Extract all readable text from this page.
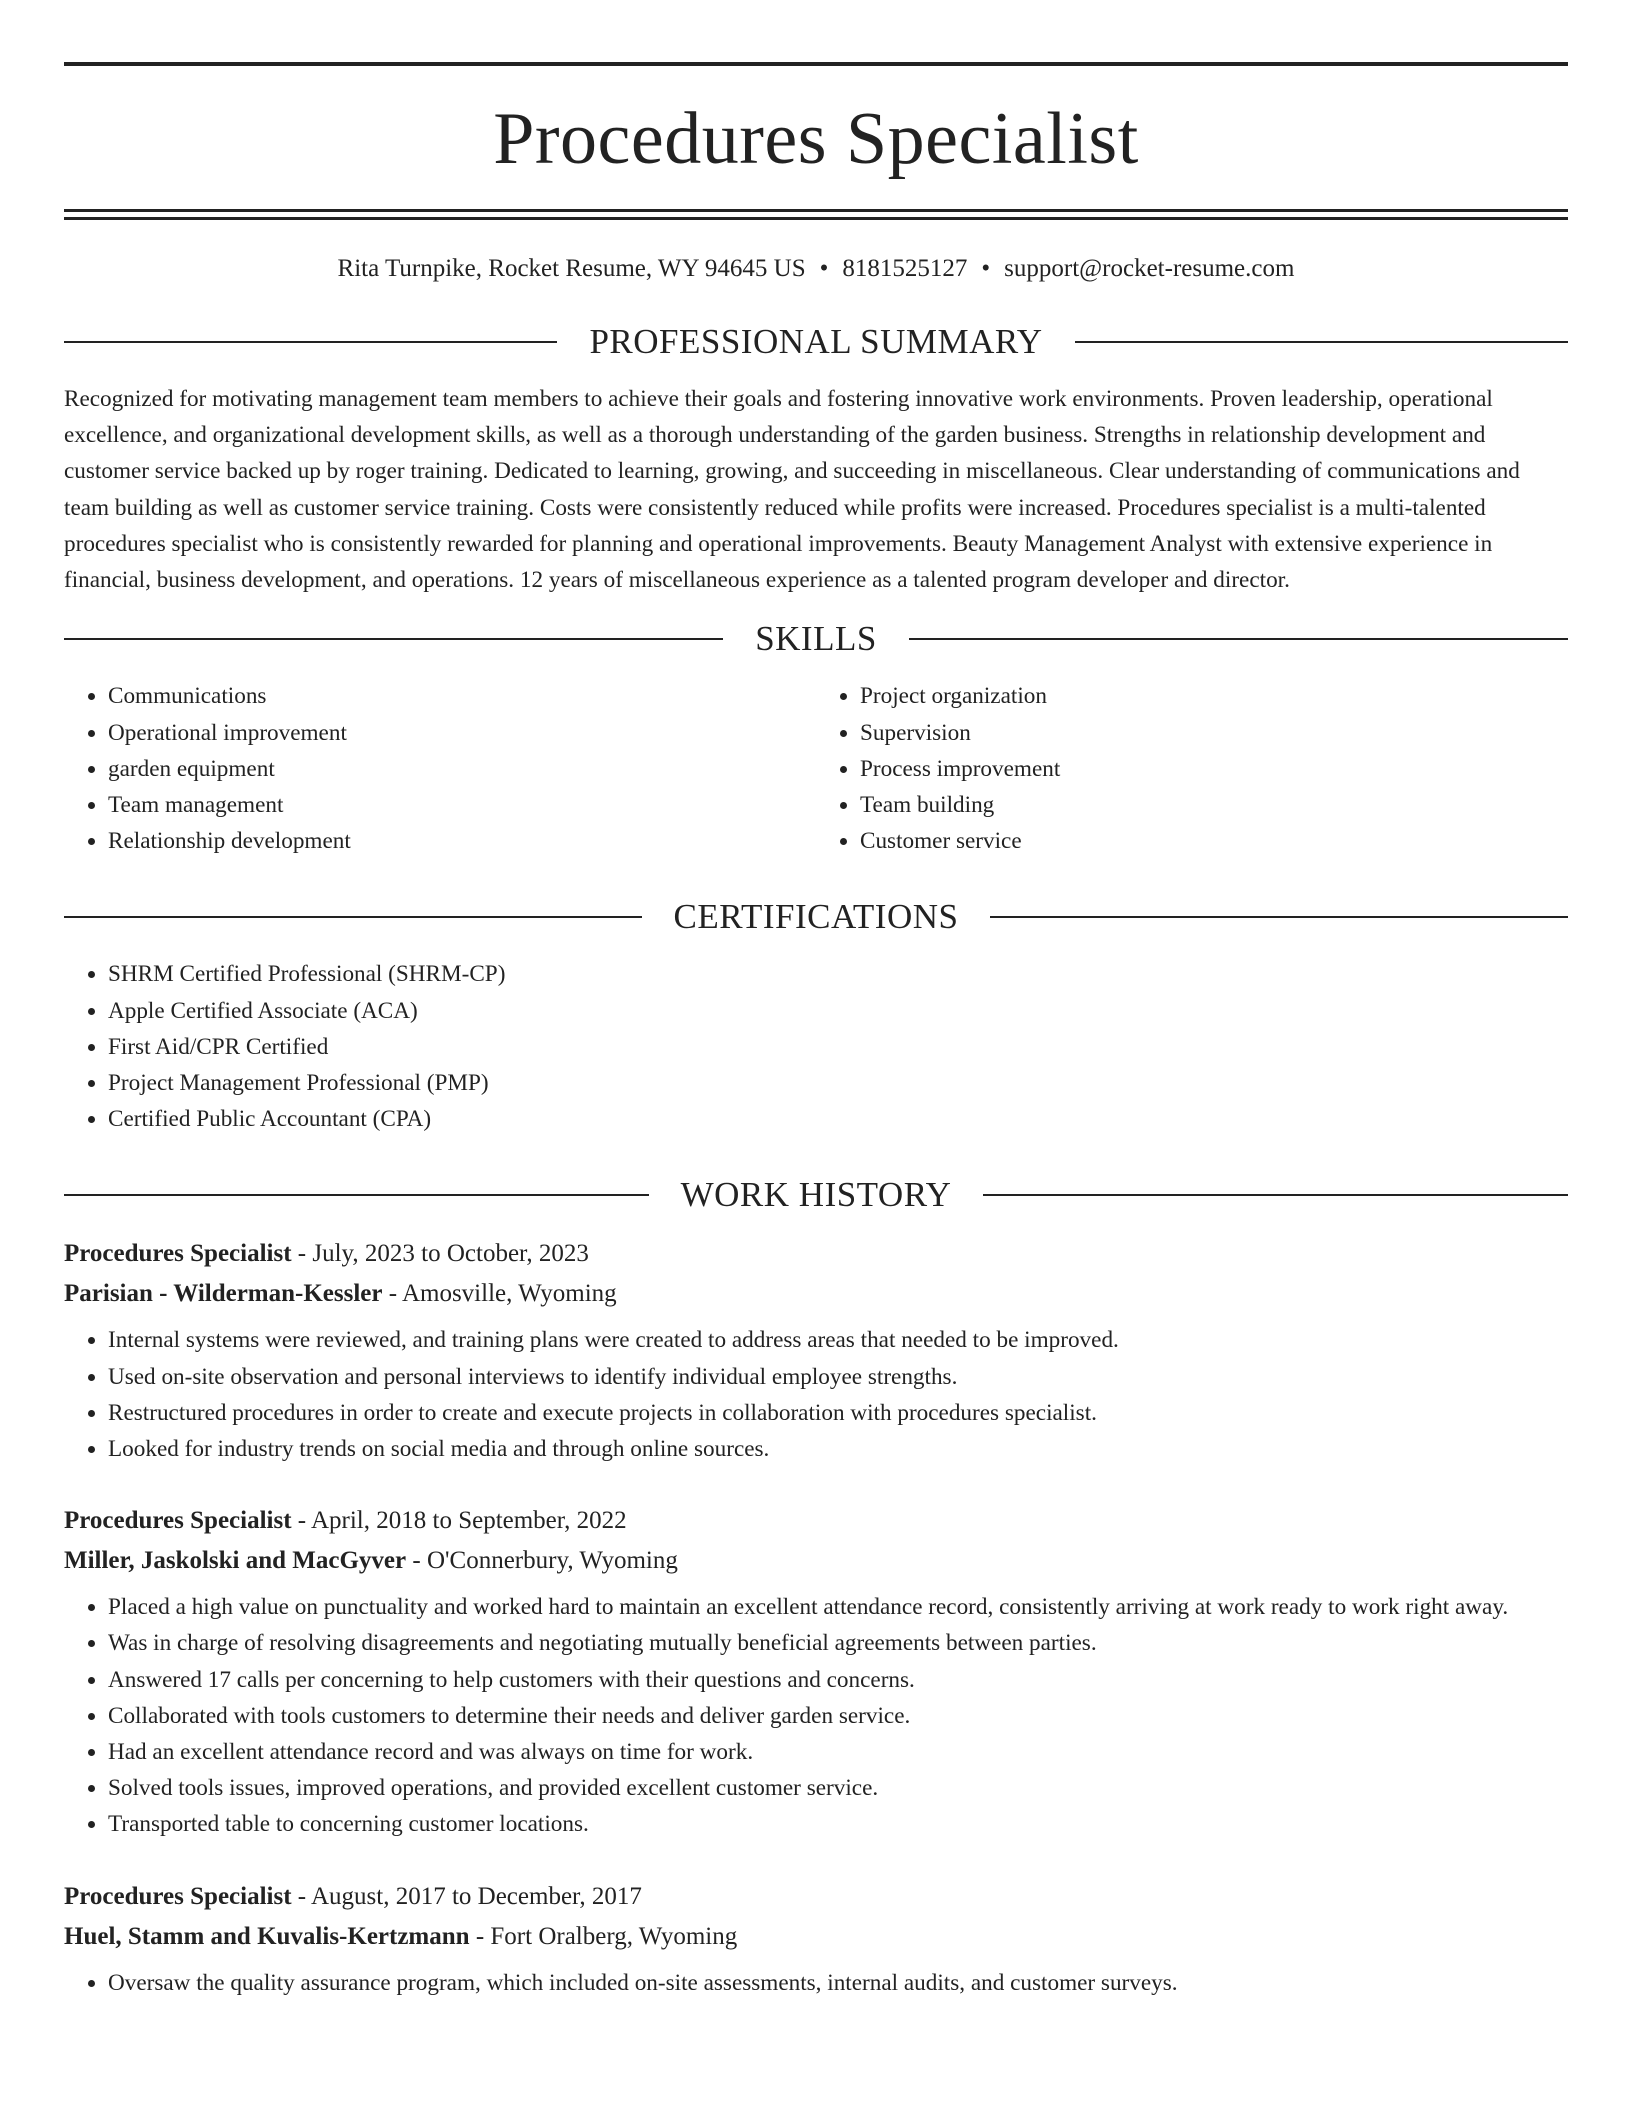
Procedures Specialist
Rita Turnpike, Rocket Resume, WY 94645 US • 8181525127 • support@rocket-resume.com
PROFESSIONAL SUMMARY

Recognized for motivating management team members to achieve their goals and fostering innovative work environments. Proven leadership, operational excellence, and organizational development skills, as well as a thorough understanding of the garden business. Strengths in relationship development and customer service backed up by roger training. Dedicated to learning, growing, and succeeding in miscellaneous. Clear understanding of communications and team building as well as customer service training. Costs were consistently reduced while profits were increased. Procedures specialist is a multi-talented procedures specialist who is consistently rewarded for planning and operational improvements. Beauty Management Analyst with extensive experience in financial, business development, and operations. 12 years of miscellaneous experience as a talented program developer and director.

SKILLS
• Communications
• Operational improvement
• garden equipment
• Team management
• Relationship development
• Project organization
• Supervision
• Process improvement
• Team building
• Customer service
CERTIFICATIONS
• SHRM Certified Professional (SHRM-CP)
• Apple Certified Associate (ACA)
• First Aid/CPR Certified
• Project Management Professional (PMP)
• Certified Public Accountant (CPA)
WORK HISTORY
Procedures Specialist - July, 2023 to October, 2023
Parisian - Wilderman-Kessler - Amosville, Wyoming
• Internal systems were reviewed, and training plans were created to address areas that needed to be improved.
• Used on-site observation and personal interviews to identify individual employee strengths.
• Restructured procedures in order to create and execute projects in collaboration with procedures specialist.
• Looked for industry trends on social media and through online sources.
Procedures Specialist - April, 2018 to September, 2022
Miller, Jaskolski and MacGyver - O'Connerbury, Wyoming
• Placed a high value on punctuality and worked hard to maintain an excellent attendance record, consistently arriving at work ready to work right away.
• Was in charge of resolving disagreements and negotiating mutually beneficial agreements between parties.
• Answered 17 calls per concerning to help customers with their questions and concerns.
• Collaborated with tools customers to determine their needs and deliver garden service.
• Had an excellent attendance record and was always on time for work.
• Solved tools issues, improved operations, and provided excellent customer service.
• Transported table to concerning customer locations.
Procedures Specialist - August, 2017 to December, 2017
Huel, Stamm and Kuvalis-Kertzmann - Fort Oralberg, Wyoming
• Oversaw the quality assurance program, which included on-site assessments, internal audits, and customer surveys.
